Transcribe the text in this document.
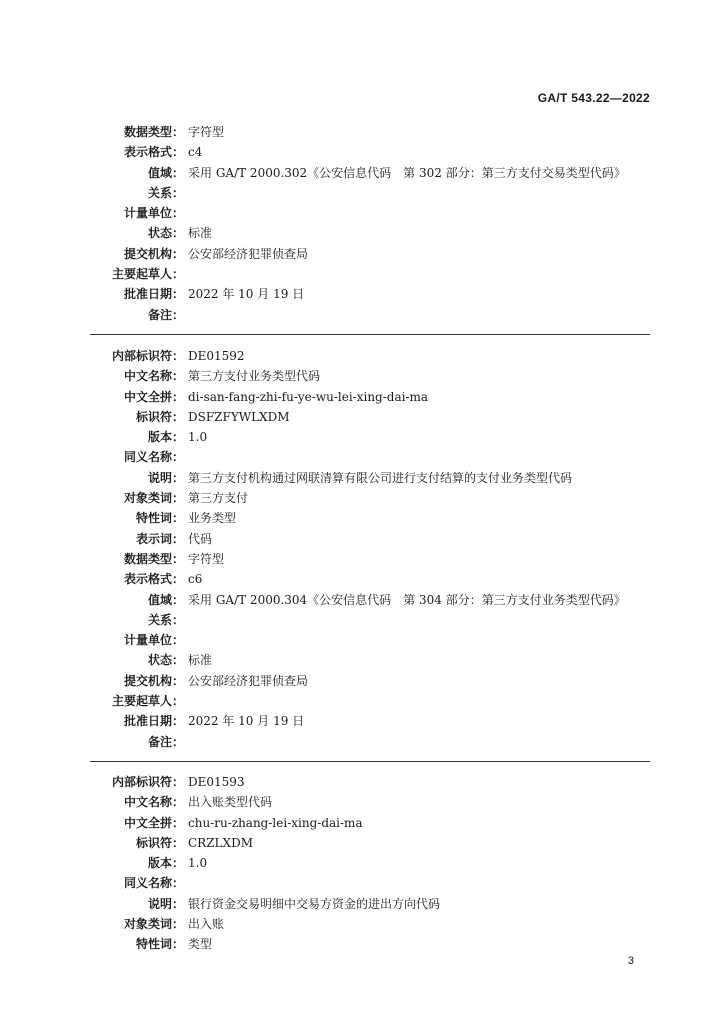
GA/T 543.22—2022
数据类型： 字符型
表示格式： c4
值域： 采用 GA/T 2000.302《公安信息代码　第 302 部分：第三方支付交易类型代码》
关系：
计量单位：
状态： 标准
提交机构： 公安部经济犯罪侦查局
主要起草人：
批准日期： 2022 年 10 月 19 日
备注：
内部标识符： DE01592
中文名称： 第三方支付业务类型代码
中文全拼： di-san-fang-zhi-fu-ye-wu-lei-xing-dai-ma
标识符： DSFZFYWLXDM
版本： 1.0
同义名称：
说明： 第三方支付机构通过网联清算有限公司进行支付结算的支付业务类型代码
对象类词： 第三方支付
特性词： 业务类型
表示词： 代码
数据类型： 字符型
表示格式： c6
值域： 采用 GA/T 2000.304《公安信息代码　第 304 部分：第三方支付业务类型代码》
关系：
计量单位：
状态： 标准
提交机构： 公安部经济犯罪侦查局
主要起草人：
批准日期： 2022 年 10 月 19 日
备注：
内部标识符： DE01593
中文名称： 出入账类型代码
中文全拼： chu-ru-zhang-lei-xing-dai-ma
标识符： CRZLXDM
版本： 1.0
同义名称：
说明： 银行资金交易明细中交易方资金的进出方向代码
对象类词： 出入账
特性词： 类型
3
